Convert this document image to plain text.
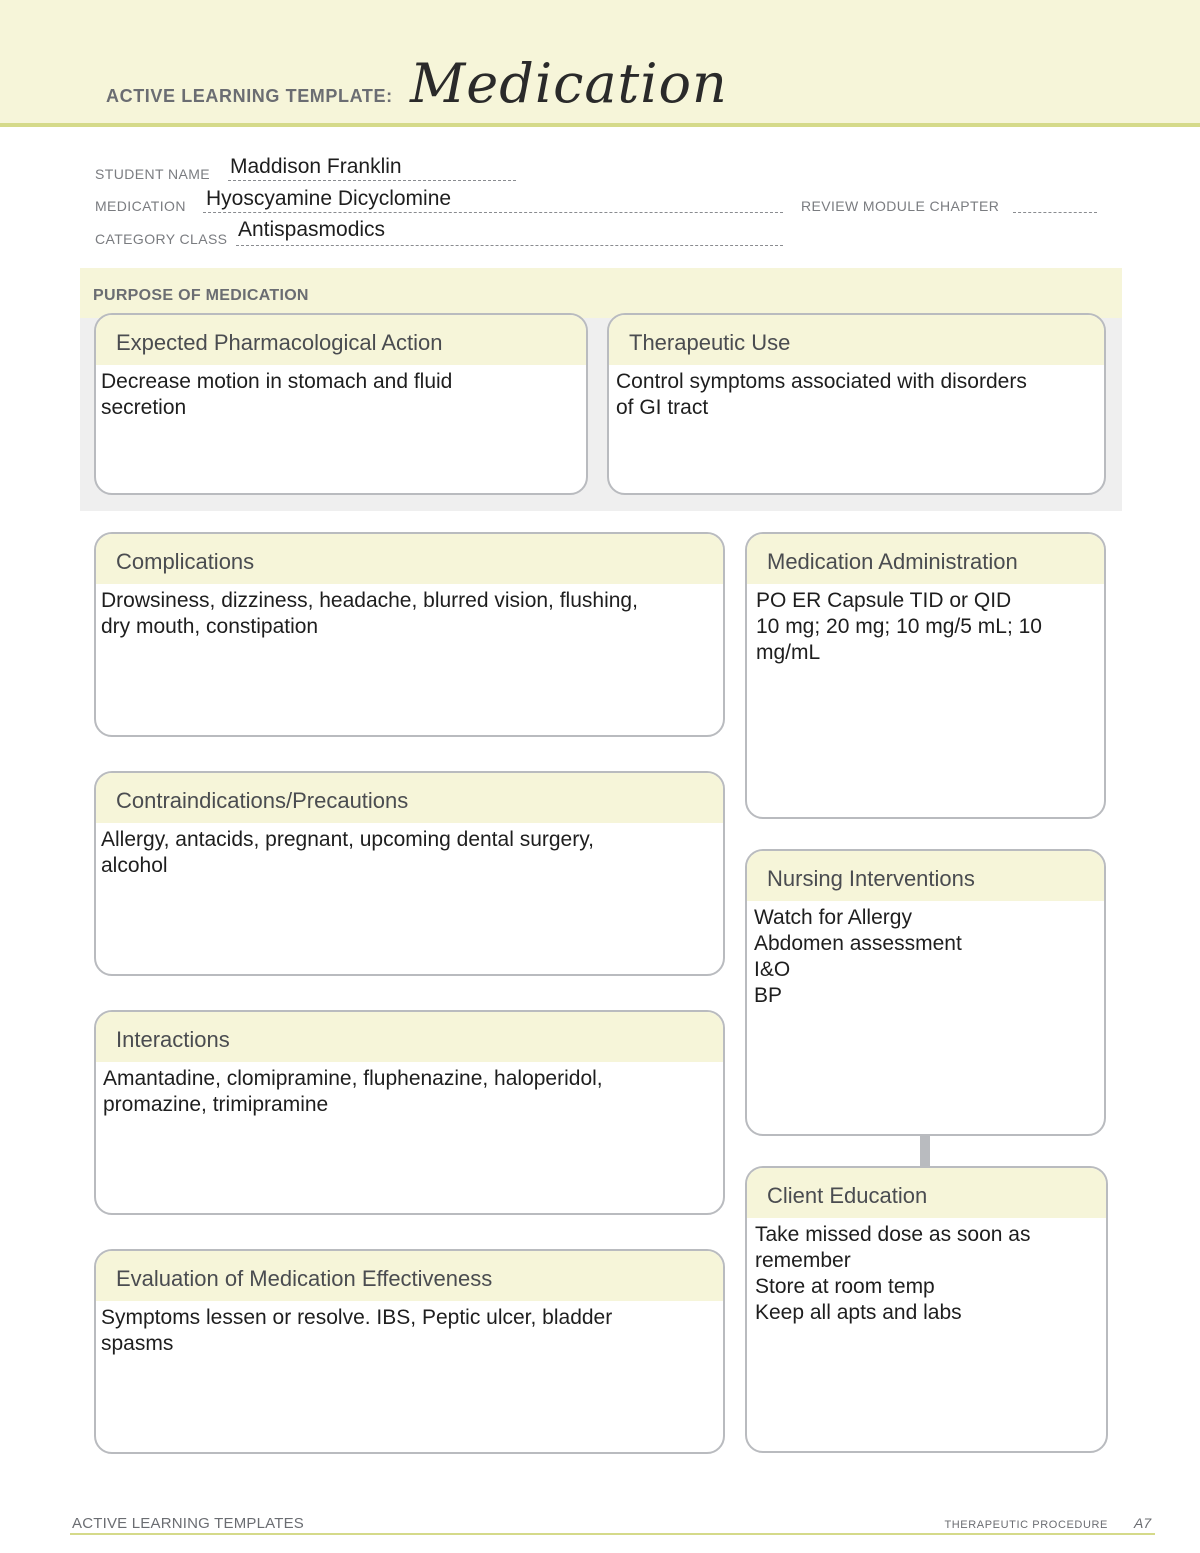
ACTIVE LEARNING TEMPLATE: Medication
STUDENT NAME Maddison Franklin
MEDICATION Hyoscyamine Dicyclomine	REVIEW MODULE CHAPTER
CATEGORY CLASS Antispasmodics
PURPOSE OF MEDICATION
Expected Pharmacological Action
Decrease motion in stomach and fluid
secretion
Therapeutic Use
Control symptoms associated with disorders
of GI tract
Complications
Drowsiness, dizziness, headache, blurred vision, flushing,
dry mouth, constipation
Contraindications/Precautions
Allergy, antacids, pregnant, upcoming dental surgery,
alcohol
Interactions
Amantadine, clomipramine, fluphenazine, haloperidol,
promazine, trimipramine
Evaluation of Medication Effectiveness
Symptoms lessen or resolve. IBS, Peptic ulcer, bladder
spasms
Medication Administration
PO ER Capsule TID or QID
10 mg; 20 mg; 10 mg/5 mL; 10
mg/mL
Nursing Interventions
Watch for Allergy
Abdomen assessment
I&O
BP
Client Education
Take missed dose as soon as
remember
Store at room temp
Keep all apts and labs
ACTIVE LEARNING TEMPLATES	THERAPEUTIC PROCEDURE A7
